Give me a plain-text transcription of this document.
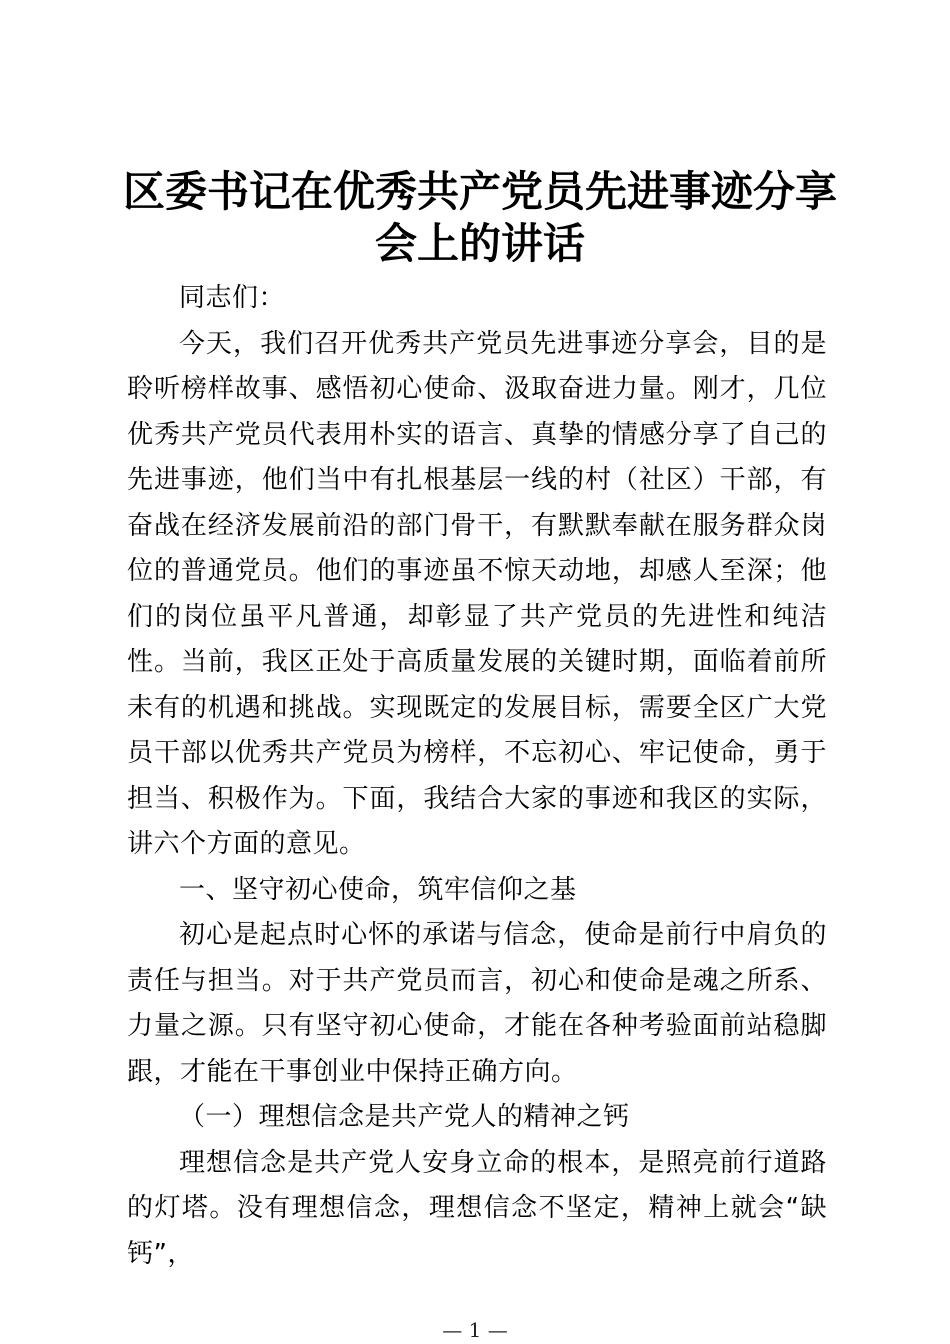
区委书记在优秀共产党员先进事迹分享会上的讲话

同志们：

今天，我们召开优秀共产党员先进事迹分享会，目的是聆听榜样故事、感悟初心使命、汲取奋进力量。刚才，几位优秀共产党员代表用朴实的语言、真挚的情感分享了自己的先进事迹，他们当中有扎根基层一线的村（社区）干部，有奋战在经济发展前沿的部门骨干，有默默奉献在服务群众岗位的普通党员。他们的事迹虽不惊天动地，却感人至深；他们的岗位虽平凡普通，却彰显了共产党员的先进性和纯洁性。当前，我区正处于高质量发展的关键时期，面临着前所未有的机遇和挑战。实现既定的发展目标，需要全区广大党员干部以优秀共产党员为榜样，不忘初心、牢记使命，勇于担当、积极作为。下面，我结合大家的事迹和我区的实际，讲六个方面的意见。

一、坚守初心使命，筑牢信仰之基

初心是起点时心怀的承诺与信念，使命是前行中肩负的责任与担当。对于共产党员而言，初心和使命是魂之所系、力量之源。只有坚守初心使命，才能在各种考验面前站稳脚跟，才能在干事创业中保持正确方向。

（一）理想信念是共产党人的精神之钙

理想信念是共产党人安身立命的根本，是照亮前行道路的灯塔。没有理想信念，理想信念不坚定，精神上就会“缺钙”，

— 1 —
